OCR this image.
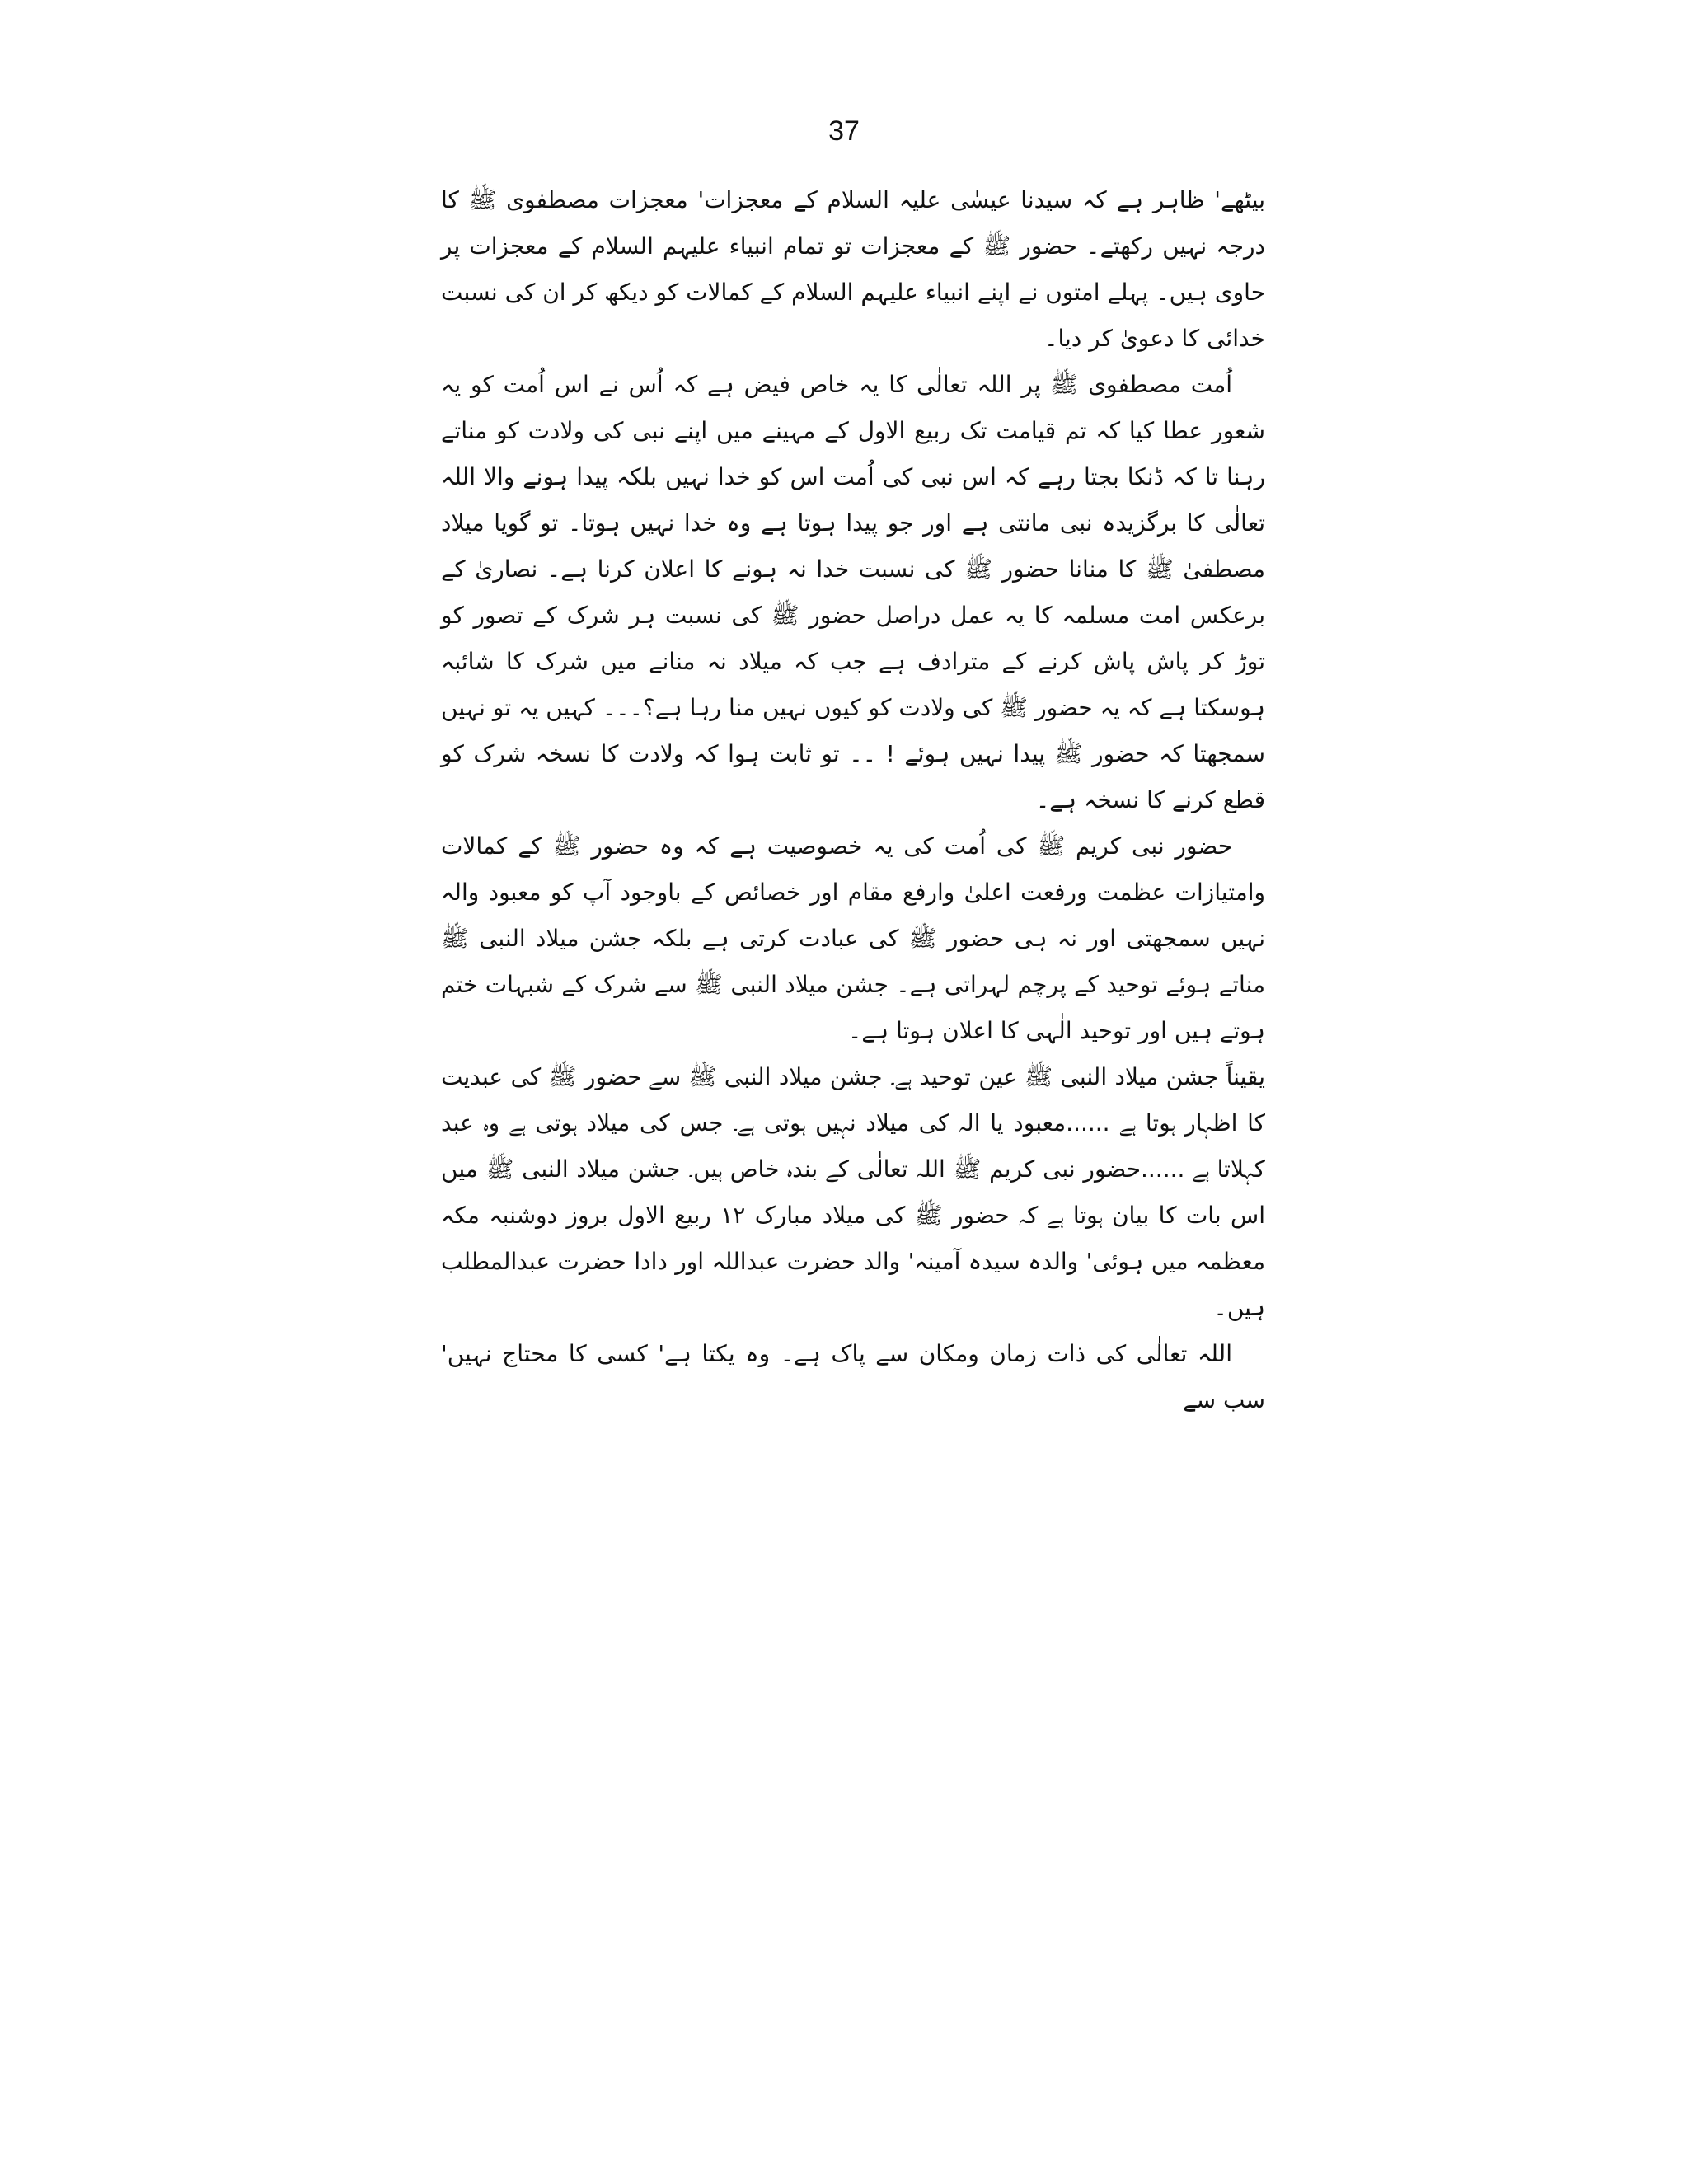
37

بیٹھے' ظاہر ہے کہ سیدنا عیسٰی علیہ السلام کے معجزات' معجزات مصطفوی ﷺ کا درجہ نہیں رکھتے۔ حضور ﷺ کے معجزات تو تمام انبیاء علیہم السلام کے معجزات پر حاوی ہیں۔ پہلے امتوں نے اپنے انبیاء علیہم السلام کے کمالات کو دیکھ کر ان کی نسبت خدائی کا دعویٰ کر دیا۔

اُمت مصطفوی ﷺ پر اللہ تعالٰی کا یہ خاص فیض ہے کہ اُس نے اس اُمت کو یہ شعور عطا کیا کہ تم قیامت تک ربیع الاول کے مہینے میں اپنے نبی کی ولادت کو مناتے رہنا تا کہ ڈنکا بجتا رہے کہ اس نبی کی اُمت اس کو خدا نہیں بلکہ پیدا ہونے والا اللہ تعالٰی کا برگزیدہ نبی مانتی ہے اور جو پیدا ہوتا ہے وہ خدا نہیں ہوتا۔ تو گویا میلاد مصطفیٰ ﷺ کا منانا حضور ﷺ کی نسبت خدا نہ ہونے کا اعلان کرنا ہے۔ نصاریٰ کے برعکس امت مسلمہ کا یہ عمل دراصل حضور ﷺ کی نسبت ہر شرک کے تصور کو توڑ کر پاش پاش کرنے کے مترادف ہے جب کہ میلاد نہ منانے میں شرک کا شائبہ ہوسکتا ہے کہ یہ حضور ﷺ کی ولادت کو کیوں نہیں منا رہا ہے؟۔۔۔ کہیں یہ تو نہیں سمجھتا کہ حضور ﷺ پیدا نہیں ہوئے ! ۔۔ تو ثابت ہوا کہ ولادت کا نسخہ شرک کو قطع کرنے کا نسخہ ہے۔

حضور نبی کریم ﷺ کی اُمت کی یہ خصوصیت ہے کہ وہ حضور ﷺ کے کمالات وامتیازات عظمت ورفعت اعلیٰ وارفع مقام اور خصائص کے باوجود آپ کو معبود والہ نہیں سمجھتی اور نہ ہی حضور ﷺ کی عبادت کرتی ہے بلکہ جشن میلاد النبی ﷺ مناتے ہوئے توحید کے پرچم لہراتی ہے۔ جشن میلاد النبی ﷺ سے شرک کے شبہات ختم ہوتے ہیں اور توحید الٰہی کا اعلان ہوتا ہے۔

یقیناً جشن میلاد النبی ﷺ عین توحید ہے۔ جشن میلاد النبی ﷺ سے حضور ﷺ کی عبدیت کا اظہار ہوتا ہے ......معبود یا الہ کی میلاد نہیں ہوتی ہے۔ جس کی میلاد ہوتی ہے وہ عبد کہلاتا ہے ......حضور نبی کریم ﷺ اللہ تعالٰی کے بندہ خاص ہیں۔ جشن میلاد النبی ﷺ میں اس بات کا بیان ہوتا ہے کہ حضور ﷺ کی میلاد مبارک ۱۲ ربیع الاول بروز دوشنبہ مکہ معظمہ میں ہوئی' والدہ سیدہ آمینہ' والد حضرت عبداللہ اور دادا حضرت عبدالمطلب ہیں۔

اللہ تعالٰی کی ذات زمان ومکان سے پاک ہے۔ وہ یکتا ہے' کسی کا محتاج نہیں' سب سے
